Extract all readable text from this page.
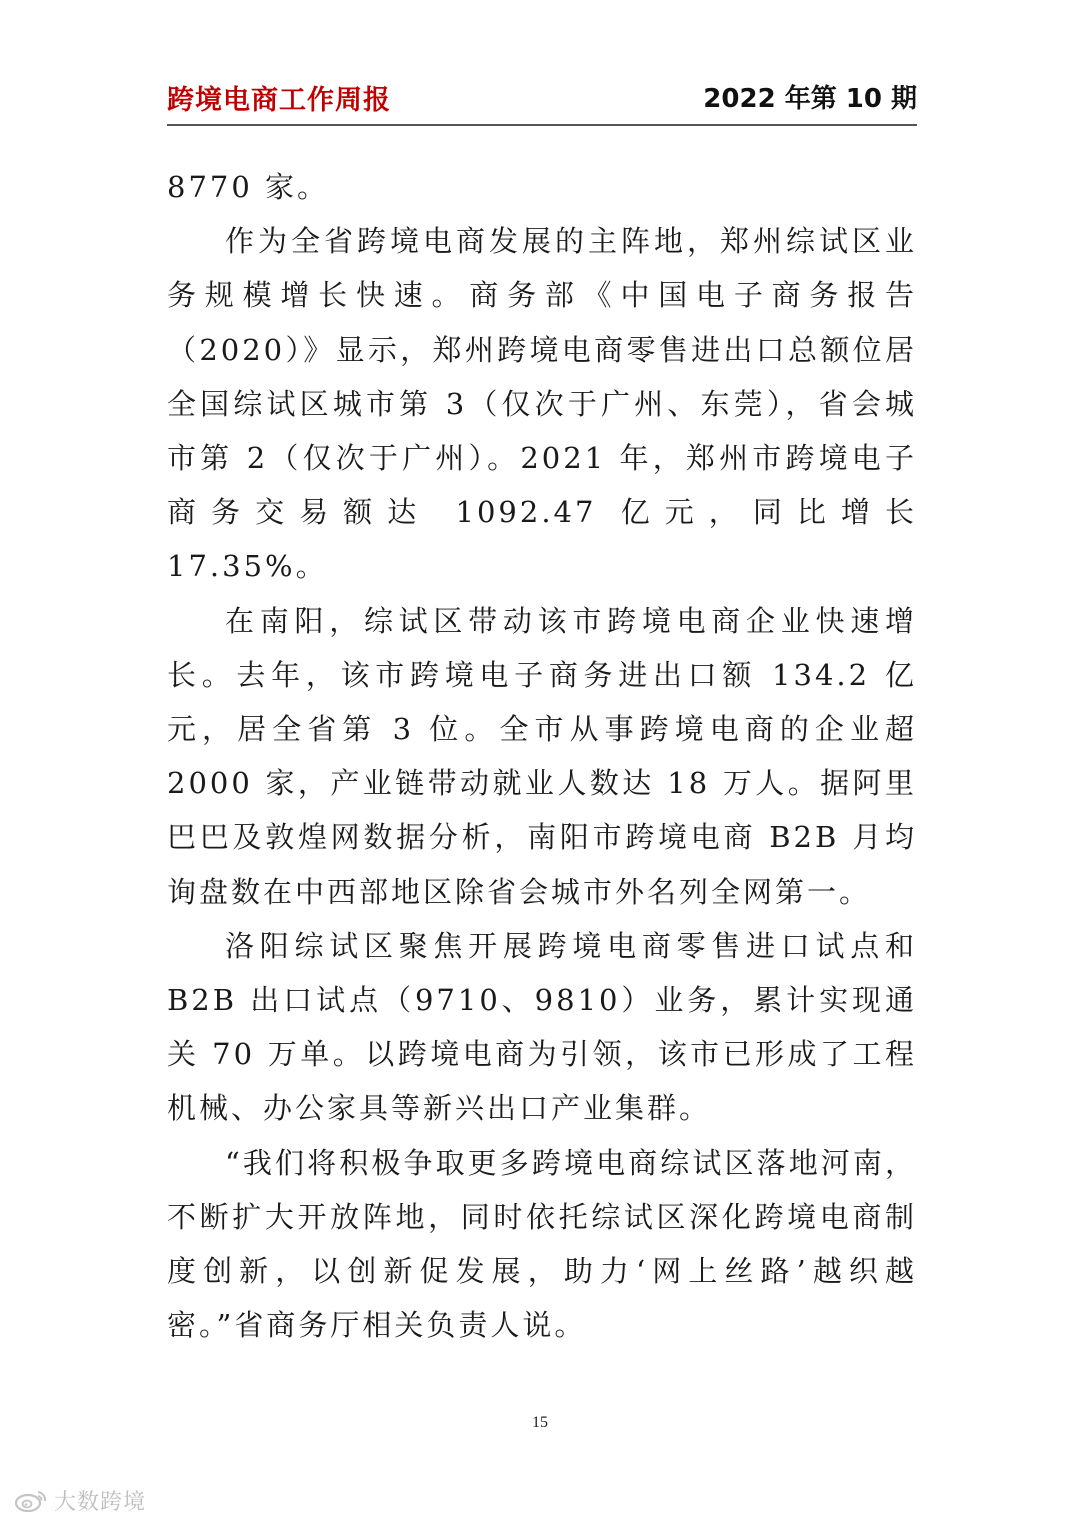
跨境电商工作周报	2022 年第 10 期

8770 家。

作为全省跨境电商发展的主阵地，郑州综试区业务规模增长快速。商务部《中国电子商务报告（2020）》显示，郑州跨境电商零售进出口总额位居全国综试区城市第 3（仅次于广州、东莞），省会城市第 2（仅次于广州）。2021 年，郑州市跨境电子商务交易额达 1092.47 亿元，同比增长 17.35%。

在南阳，综试区带动该市跨境电商企业快速增长。去年，该市跨境电子商务进出口额 134.2 亿元，居全省第 3 位。全市从事跨境电商的企业超 2000 家，产业链带动就业人数达 18 万人。据阿里巴巴及敦煌网数据分析，南阳市跨境电商 B2B 月均询盘数在中西部地区除省会城市外名列全网第一。

洛阳综试区聚焦开展跨境电商零售进口试点和 B2B 出口试点（9710、9810）业务，累计实现通关 70 万单。以跨境电商为引领，该市已形成了工程机械、办公家具等新兴出口产业集群。

“我们将积极争取更多跨境电商综试区落地河南，不断扩大开放阵地，同时依托综试区深化跨境电商制度创新，以创新促发展，助力‘网上丝路’越织越密。”省商务厅相关负责人说。

15
大数跨境
